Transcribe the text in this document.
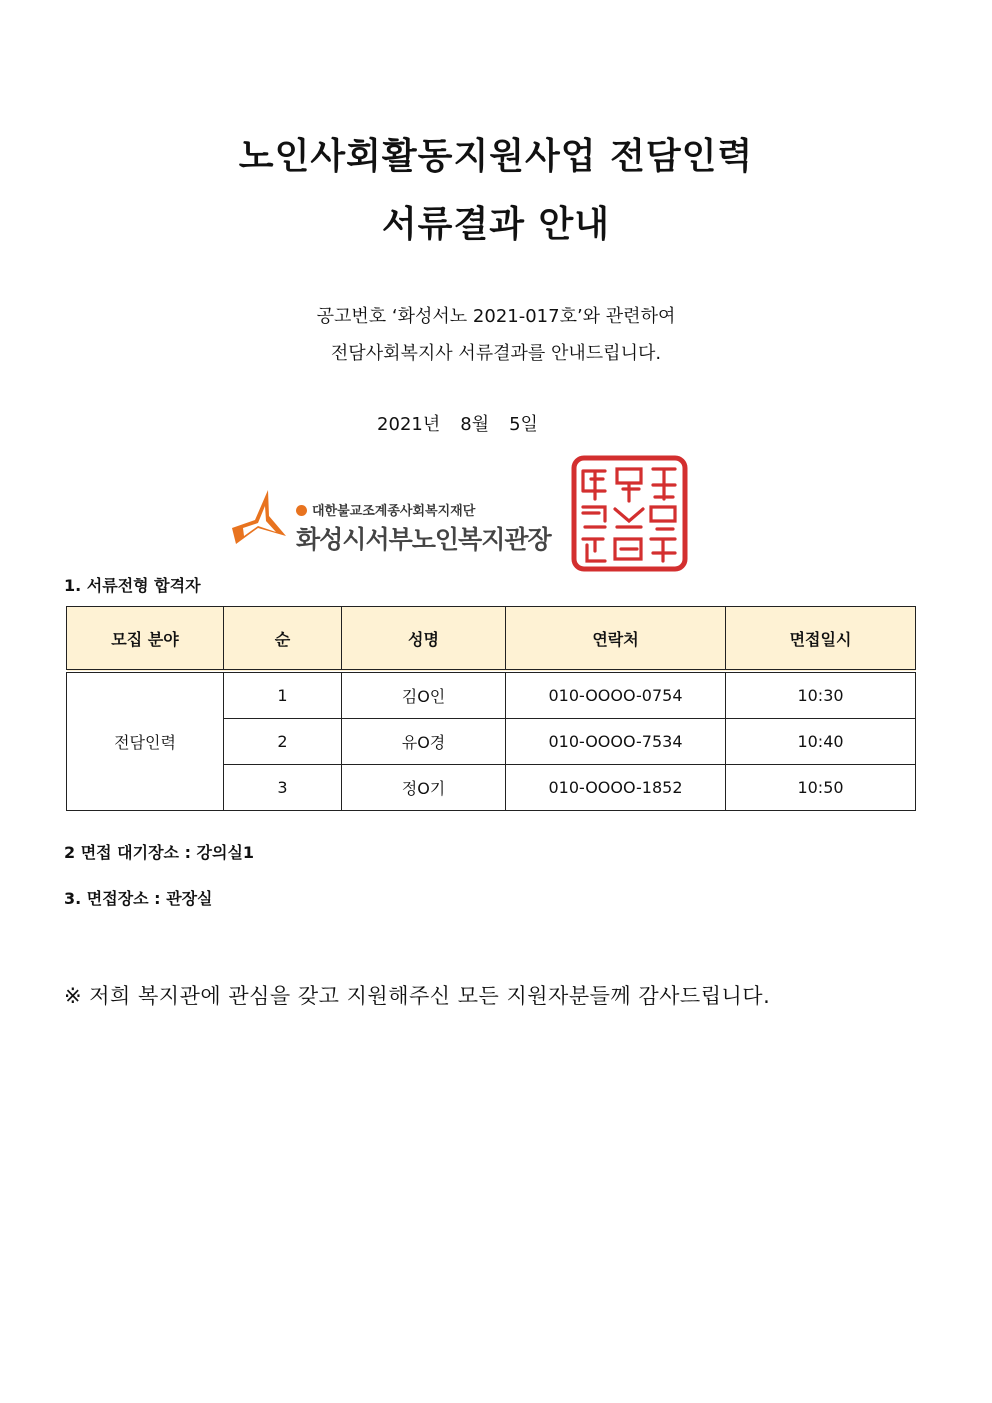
노인사회활동지원사업 전담인력
서류결과 안내
공고번호 ‘화성서노 2021-017호’와 관련하여
전담사회복지사 서류결과를 안내드립니다.
2021년 8월 5일
대한불교조계종사회복지재단
화성시서부노인복지관장
1. 서류전형 합격자
모집 분야	순	성명	연락처	면접일시
전담인력	1	김O인	010-OOOO-0754	10:30
	2	유O경	010-OOOO-7534	10:40
	3	정O기	010-OOOO-1852	10:50
2 면접 대기장소 : 강의실1
3. 면접장소 : 관장실
※ 저희 복지관에 관심을 갖고 지원해주신 모든 지원자분들께 감사드립니다.
